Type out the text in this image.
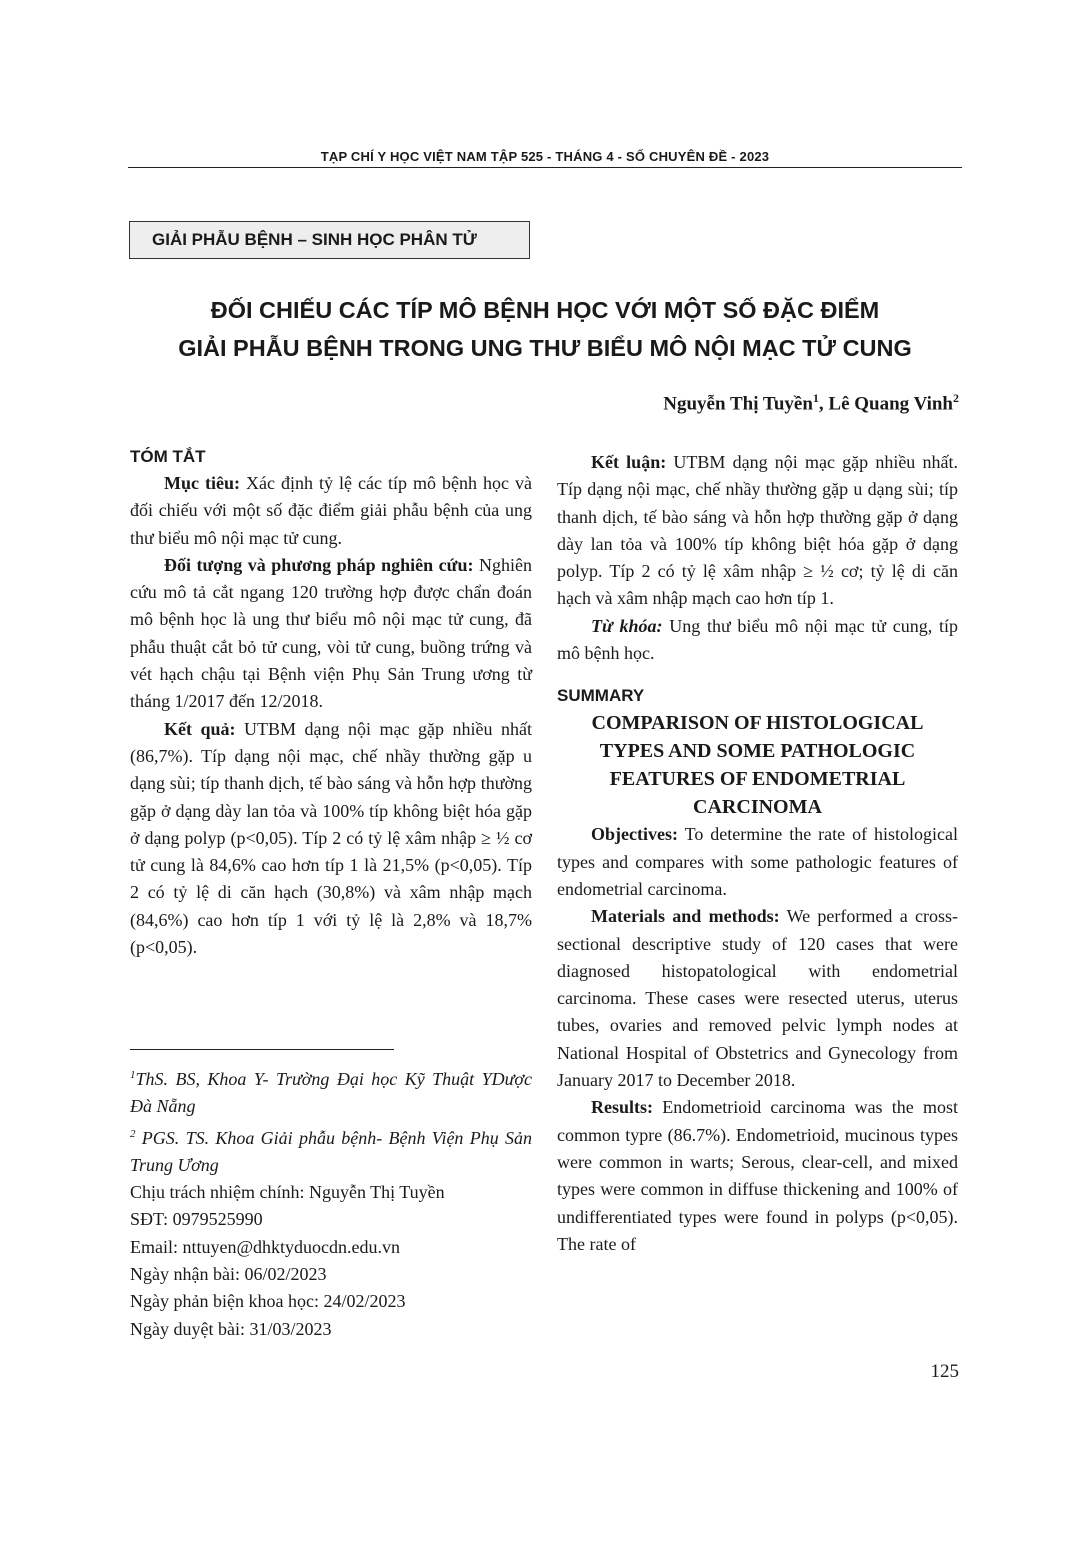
TẠP CHÍ Y HỌC VIỆT NAM TẬP 525 - THÁNG 4 - SỐ CHUYÊN ĐỀ - 2023
GIẢI PHẪU BỆNH – SINH HỌC PHÂN TỬ
ĐỐI CHIẾU CÁC TÍP MÔ BỆNH HỌC VỚI MỘT SỐ ĐẶC ĐIỂM
GIẢI PHẪU BỆNH TRONG UNG THƯ BIỂU MÔ NỘI MẠC TỬ CUNG
Nguyễn Thị Tuyền$^1$, Lê Quang Vinh$^2$

TÓM TẮT

Mục tiêu: Xác định tỷ lệ các típ mô bệnh học và đối chiếu với một số đặc điểm giải phẫu bệnh của ung thư biểu mô nội mạc tử cung.

Đối tượng và phương pháp nghiên cứu: Nghiên cứu mô tả cắt ngang 120 trường hợp được chẩn đoán mô bệnh học là ung thư biểu mô nội mạc tử cung, đã phẫu thuật cắt bỏ tử cung, vòi tử cung, buồng trứng và vét hạch chậu tại Bệnh viện Phụ Sản Trung ương từ tháng 1/2017 đến 12/2018.

Kết quả: UTBM dạng nội mạc gặp nhiều nhất (86,7%). Típ dạng nội mạc, chế nhầy thường gặp u dạng sùi; típ thanh dịch, tế bào sáng và hỗn hợp thường gặp ở dạng dày lan tỏa và 100% típ không biệt hóa gặp ở dạng polyp (p<0,05). Típ 2 có tỷ lệ xâm nhập ≥ ½ cơ tử cung là 84,6% cao hơn típ 1 là 21,5% (p<0,05). Típ 2 có tỷ lệ di căn hạch (30,8%) và xâm nhập mạch (84,6%) cao hơn típ 1 với tỷ lệ là 2,8% và 18,7% (p<0,05).

$^1$ThS. BS, Khoa Y- Trường Đại học Kỹ Thuật YDược Đà Nẵng

$^2$ PGS. TS. Khoa Giải phẫu bệnh- Bệnh Viện Phụ Sản Trung Ương

Chịu trách nhiệm chính: Nguyễn Thị Tuyền

SĐT: 0979525990

Email: nttuyen@dhktyduocdn.edu.vn

Ngày nhận bài: 06/02/2023

Ngày phản biện khoa học: 24/02/2023

Ngày duyệt bài: 31/03/2023

Kết luận: UTBM dạng nội mạc gặp nhiều nhất. Típ dạng nội mạc, chế nhầy thường gặp u dạng sùi; típ thanh dịch, tế bào sáng và hỗn hợp thường gặp ở dạng dày lan tỏa và 100% típ không biệt hóa gặp ở dạng polyp. Típ 2 có tỷ lệ xâm nhập ≥ ½ cơ; tỷ lệ di căn hạch và xâm nhập mạch cao hơn típ 1.

Từ khóa: Ung thư biểu mô nội mạc tử cung, típ mô bệnh học.

SUMMARY

COMPARISON OF HISTOLOGICAL TYPES AND SOME PATHOLOGIC FEATURES OF ENDOMETRIAL CARCINOMA

Objectives: To determine the rate of histological types and compares with some pathologic features of endometrial carcinoma.

Materials and methods: We performed a cross-sectional descriptive study of 120 cases that were diagnosed histopatological with endometrial carcinoma. These cases were resected uterus, uterus tubes, ovaries and removed pelvic lymph nodes at National Hospital of Obstetrics and Gynecology from January 2017 to December 2018.

Results: Endometrioid carcinoma was the most common typre (86.7%). Endometrioid, mucinous types were common in warts; Serous, clear-cell, and mixed types were common in diffuse thickening and 100% of undifferentiated types were found in polyps (p<0,05). The rate of

125
